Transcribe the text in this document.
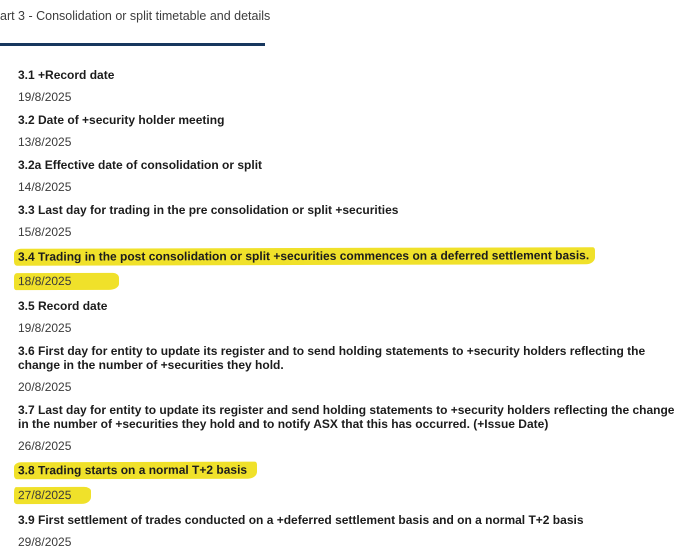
art 3 - Consolidation or split timetable and details
3.1 +Record date
19/8/2025
3.2 Date of +security holder meeting
13/8/2025
3.2a Effective date of consolidation or split
14/8/2025
3.3 Last day for trading in the pre consolidation or split +securities
15/8/2025
3.4 Trading in the post consolidation or split +securities commences on a deferred settlement basis.
18/8/2025
3.5 Record date
19/8/2025
3.6 First day for entity to update its register and to send holding statements to +security holders reflecting the change in the number of +securities they hold.
20/8/2025
3.7 Last day for entity to update its register and send holding statements to +security holders reflecting the change in the number of +securities they hold and to notify ASX that this has occurred. (+Issue Date)
26/8/2025
3.8 Trading starts on a normal T+2 basis
27/8/2025
3.9 First settlement of trades conducted on a +deferred settlement basis and on a normal T+2 basis
29/8/2025
